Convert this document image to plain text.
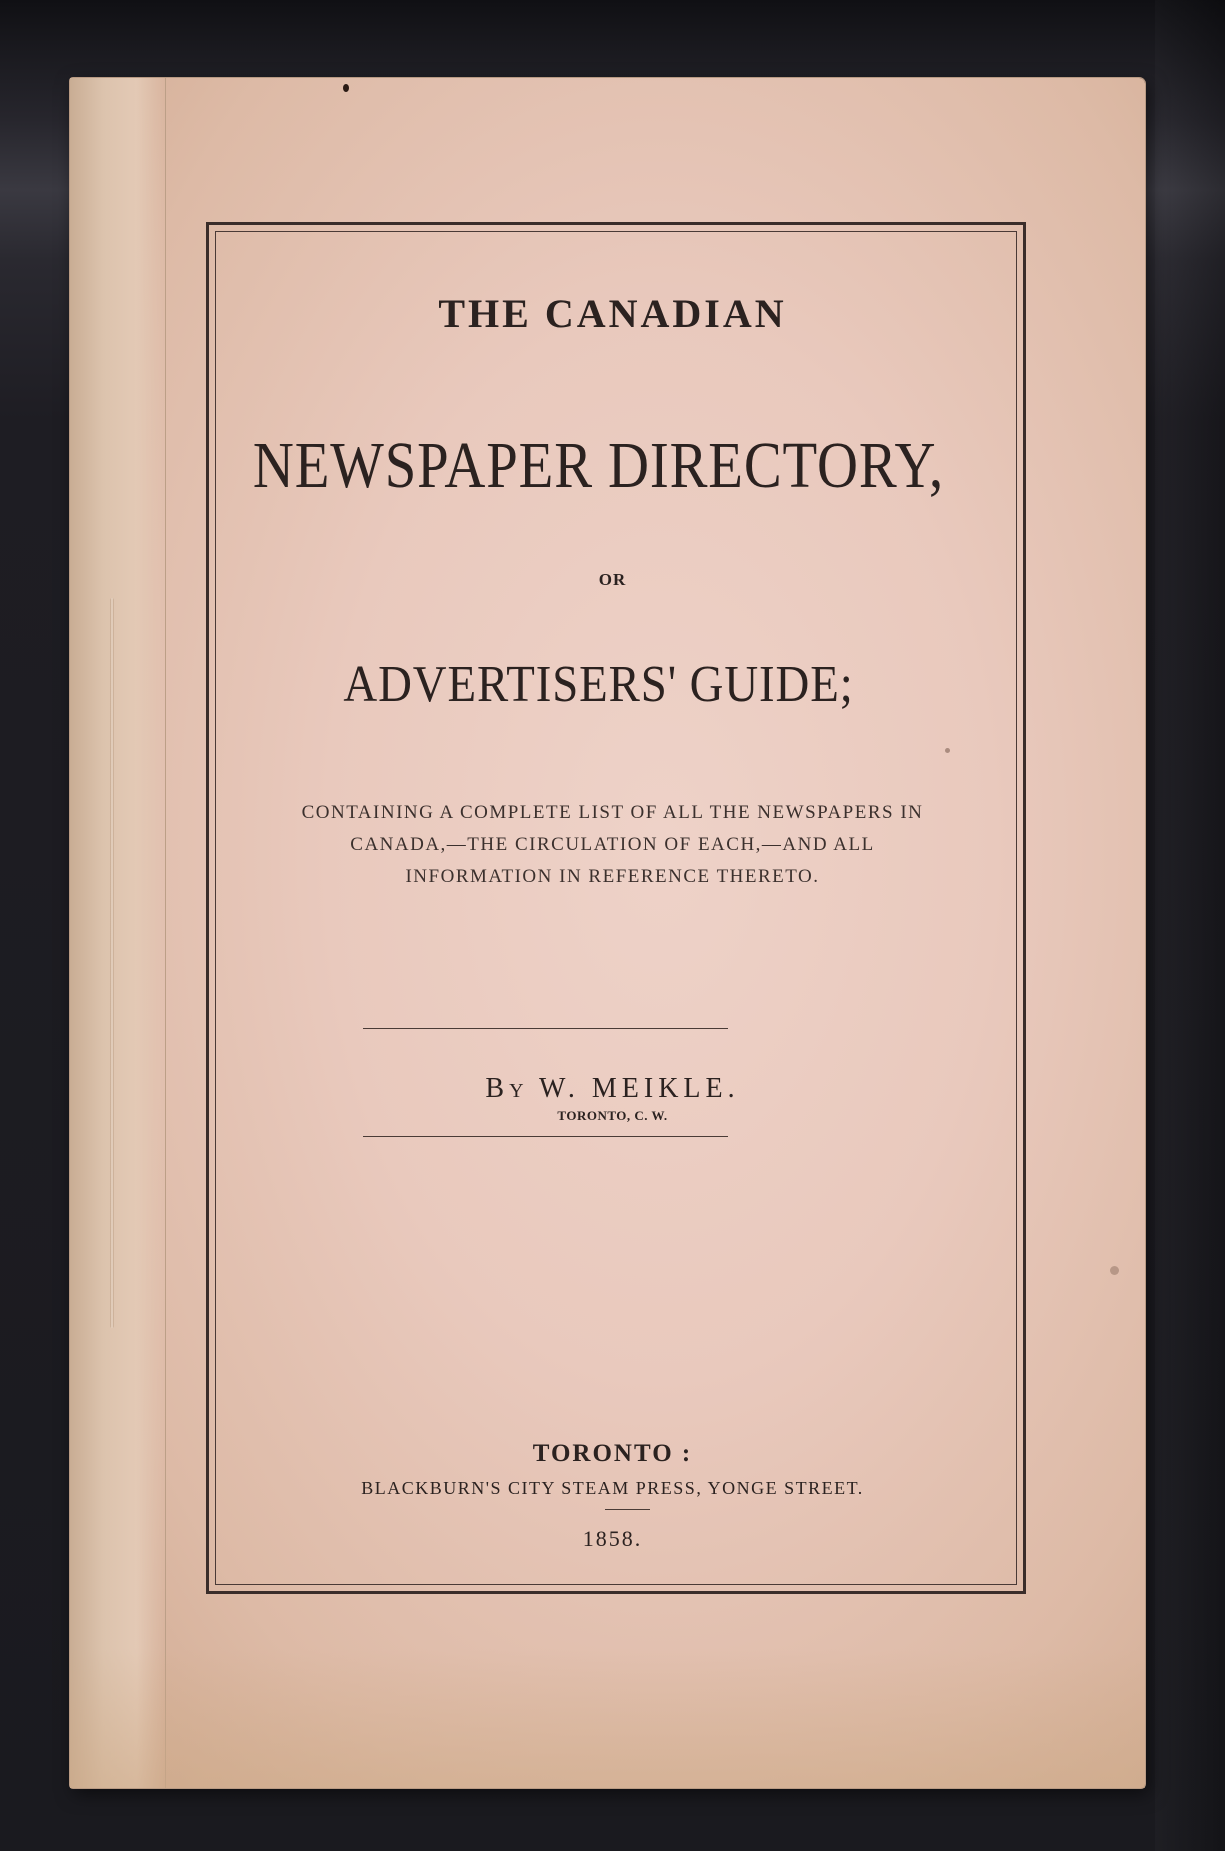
THE CANADIAN
NEWSPAPER DIRECTORY,
OR
ADVERTISERS' GUIDE;
CONTAINING A COMPLETE LIST OF ALL THE NEWSPAPERS IN
CANADA,—THE CIRCULATION OF EACH,—AND ALL
INFORMATION IN REFERENCE THERETO.
BY W. MEIKLE.
TORONTO, C. W.
TORONTO :
BLACKBURN'S CITY STEAM PRESS, YONGE STREET.
1858.
